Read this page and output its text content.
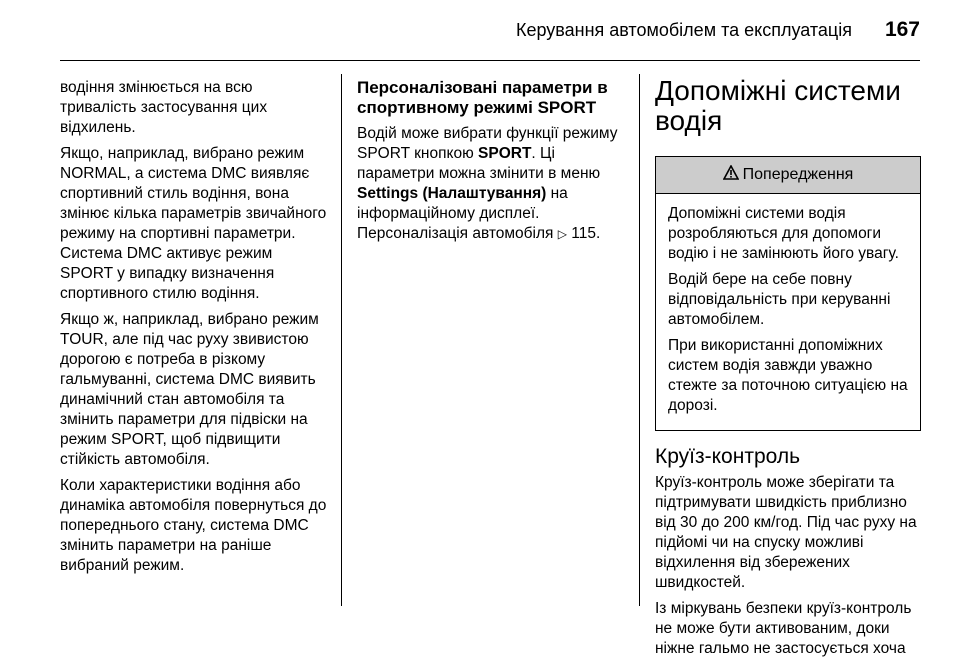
Керування автомобілем та експлуатація 167

водіння змінюється на всю тривалість застосування цих відхилень.

Якщо, наприклад, вибрано режим NORMAL, а система DMC виявляє спортивний стиль водіння, вона змінює кілька параметрів звичайного режиму на спортивні параметри. Система DMC активує режим SPORT у випадку визначення спортивного стилю водіння.

Якщо ж, наприклад, вибрано режим TOUR, але під час руху звивистою дорогою є потреба в різкому гальмуванні, система DMC виявить динамічний стан автомобіля та змінить параметри для підвіски на режим SPORT, щоб підвищити стійкість автомобіля.

Коли характеристики водіння або динаміка автомобіля повернуться до попереднього стану, система DMC змінить параметри на раніше вибраний режим.

Персоналізовані параметри в спортивному режимі SPORT

Водій може вибрати функції режиму SPORT кнопкою SPORT. Ці параметри можна змінити в меню Settings (Налаштування) на інформаційному дисплеї.
Персоналізація автомобіля ▷ 115.

Допоміжні системи водія
Попередження

Допоміжні системи водія розробляються для допомоги водію і не замінюють його увагу.

Водій бере на себе повну відповідальність при керуванні автомобілем.

При використанні допоміжних систем водія завжди уважно стежте за поточною ситуацією на дорозі.

Круїз-контроль

Круїз-контроль може зберігати та підтримувати швидкість приблизно від 30 до 200 км/год. Під час руху на підйомі чи на спуску можливі відхилення від збережених швидкостей.

Із міркувань безпеки круїз-контроль не може бути активованим, доки ніжне гальмо не застосується хоча
